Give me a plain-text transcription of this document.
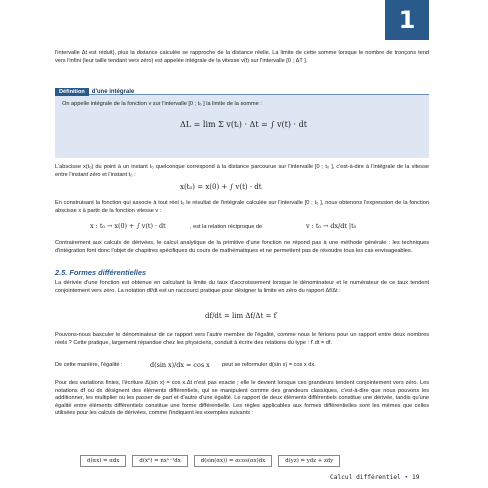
1
l'intervalle Δt est réduit), plus la distance calculée se rapproche de la distance réelle. La limite de cette somme lorsque le nombre de tronçons tend vers l'infini (leur taille tendant vers zéro) est appelée intégrale de la vitesse v(t) sur l'intervalle [0 ; ΔT ].
Définition	d'une intégrale
On appelle intégrale de la fonction v sur l'intervalle [0 ; t₀ ] la limite de la somme :
ΔL = lim Σ v(tᵢ) · Δt = ∫ v(t) · dt
L'abscisse x(t₀) du point à un instant t₀ quelconque correspond à la distance parcourue sur l'intervalle [0 ; t₀ ], c'est-à-dire à l'intégrale de la vitesse entre l'instant zéro et l'instant t₀ :
x(t₀) = x(0) + ∫ v(t) · dt
En construisant la fonction qui associe à tout réel t₀ le résultat de l'intégrale calculée sur l'intervalle [0 ; t₀ ], nous obtenons l'expression de la fonction abscisse x à partir de la fonction vitesse v :
x : t₀ → x(0) + ∫ v(t) · dt	, est la relation réciproque de	v : t₀ → dx/dt |t₀
Contrairement aux calculs de dérivées, le calcul analytique de la primitive d'une fonction ne répond pas à une méthode générale : les techniques d'intégration font donc l'objet de chapitres spécifiques du cours de mathématiques et ne permettent pas de résoudre tous les cas envisageables.
2.5. Formes différentielles
La dérivée d'une fonction est obtenue en calculant la limite du taux d'accroissement lorsque le dénominateur et le numérateur de ce taux tendent conjointement vers zéro. La notation df/dt est un raccourci pratique pour désigner la limite en zéro du rapport Δf/Δt :
df/dt = lim Δf/Δt = f′
Pouvons-nous basculer le dénominateur de ce rapport vers l'autre membre de l'égalité, comme nous le ferions pour un rapport entre deux nombres réels ? Cette pratique, largement répandue chez les physiciens, conduit à écrire des relations du type : f′.dt = df.
De cette manière, l'égalité :	d(sin x)/dx = cos x peut se reformuler d(sin x) = cos x dx.
Pour des variations finies, l'écriture Δ(sin x) = cos x.Δt n'est pas exacte ; elle le devient lorsque ces grandeurs tendent conjointement vers zéro. Les notations df ou dx désignent des éléments différentiels, qui se manipulent comme des grandeurs classiques, c'est-à-dire que nous pouvons les additionner, les multiplier ou les passer de part et d'autre d'une égalité. Le rapport de deux éléments différentiels constitue une dérivée, tandis qu'une égalité entre éléments différentiels constitue une forme différentielle. Les règles applicables aux formes différentielles sont les mêmes que celles utilisées pour les calculs de dérivées, comme l'indiquent les exemples suivants :
d(αx) = αdx	d(xⁿ) = nxⁿ⁻¹dx	d(sin(αx)) = αcos(αx)dx	d(yz) = ydz + zdy
Calcul différentiel • 19
